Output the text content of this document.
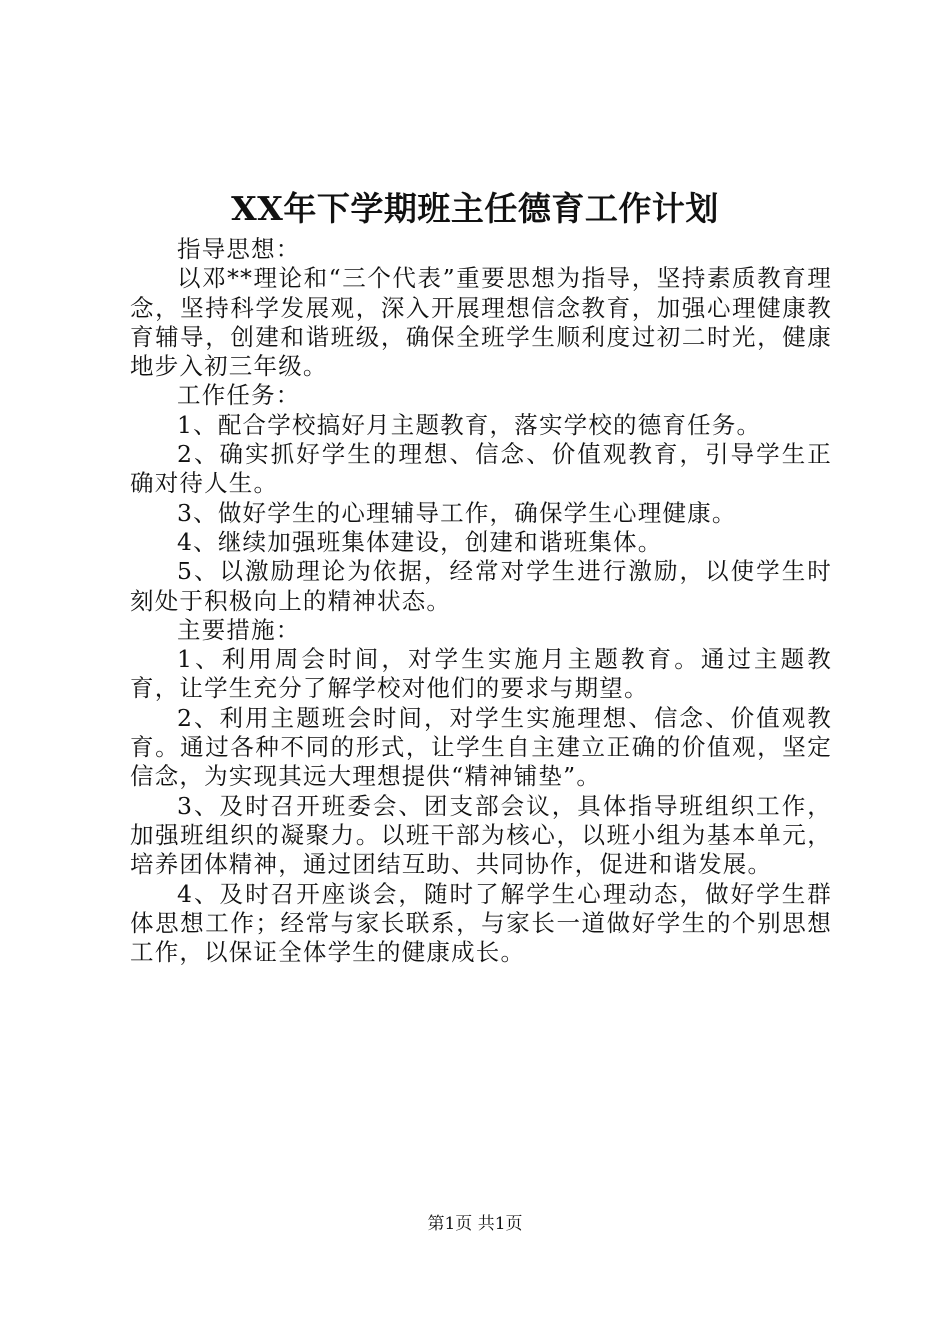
XX年下学期班主任德育工作计划

指导思想：

以邓**理论和“三个代表”重要思想为指导，坚持素质教育理念，坚持科学发展观，深入开展理想信念教育，加强心理健康教育辅导，创建和谐班级，确保全班学生顺利度过初二时光，健康地步入初三年级。

工作任务：

1、配合学校搞好月主题教育，落实学校的德育任务。

2、确实抓好学生的理想、信念、价值观教育，引导学生正确对待人生。

3、做好学生的心理辅导工作，确保学生心理健康。

4、继续加强班集体建设，创建和谐班集体。

5、以激励理论为依据，经常对学生进行激励，以使学生时刻处于积极向上的精神状态。

主要措施：

1、利用周会时间，对学生实施月主题教育。通过主题教育，让学生充分了解学校对他们的要求与期望。

2、利用主题班会时间，对学生实施理想、信念、价值观教育。通过各种不同的形式，让学生自主建立正确的价值观，坚定信念，为实现其远大理想提供“精神铺垫”。

3、及时召开班委会、团支部会议，具体指导班组织工作，加强班组织的凝聚力。以班干部为核心，以班小组为基本单元，培养团体精神，通过团结互助、共同协作，促进和谐发展。

4、及时召开座谈会，随时了解学生心理动态，做好学生群体思想工作；经常与家长联系，与家长一道做好学生的个别思想工作，以保证全体学生的健康成长。

第1页 共1页
